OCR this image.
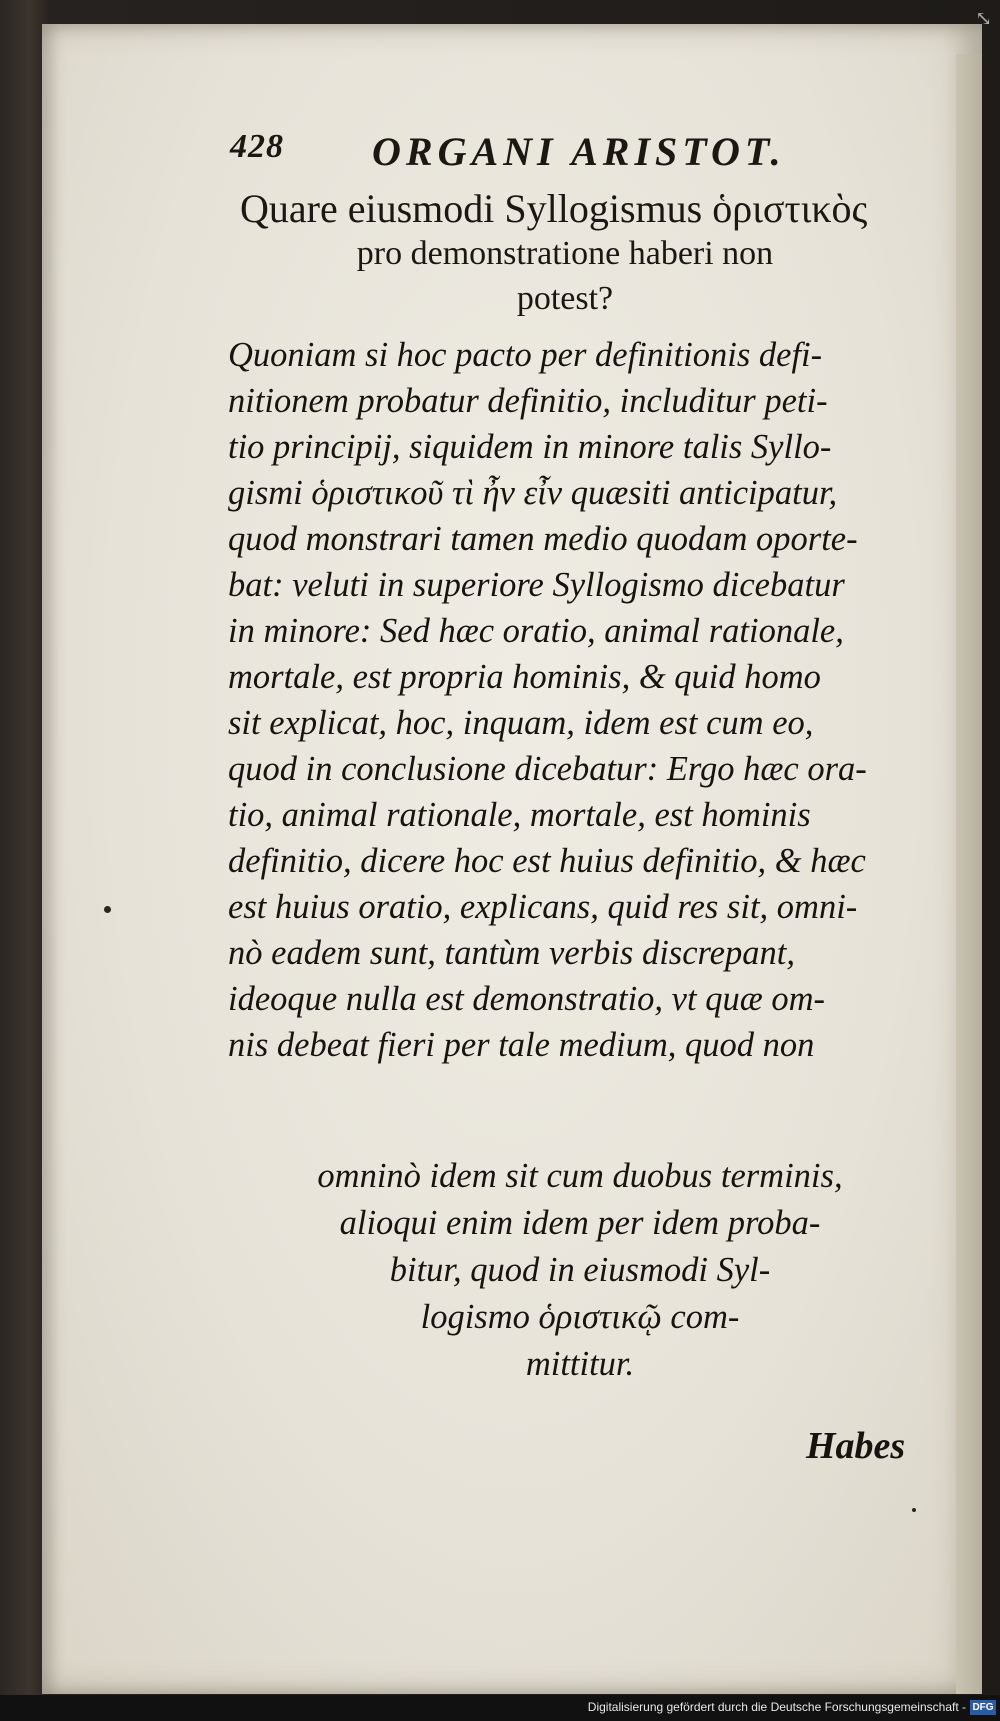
428 ORGANI ARISTOT.
Quare eiusmodi Syllogismus ὁριστικὸς
pro demonstratione haberi non
potest?
Quoniam si hoc pacto per definitionis defi-
nitionem probatur definitio, includitur peti-
tio principij, siquidem in minore talis Syllo-
gismi ὁριστικοῦ τὶ ἦν εἶν quæsiti anticipatur,
quod monstrari tamen medio quodam oporte-
bat: veluti in superiore Syllogismo dicebatur
in minore: Sed hæc oratio, animal rationale,
mortale, est propria hominis, & quid homo
sit explicat, hoc, inquam, idem est cum eo,
quod in conclusione dicebatur: Ergo hæc ora-
tio, animal rationale, mortale, est hominis
definitio, dicere hoc est huius definitio, & hæc
est huius oratio, explicans, quid res sit, omni-
nò eadem sunt, tantùm verbis discrepant,
ideoque nulla est demonstratio, vt quæ om-
nis debeat fieri per tale medium, quod non
omninò idem sit cum duobus terminis,
alioqui enim idem per idem proba-
bitur, quod in eiusmodi Syl-
logismo ὁριστικῷ com-
mittitur.
Habes
⤡
Digitalisierung gefördert durch die Deutsche Forschungsgemeinschaft - DFG
